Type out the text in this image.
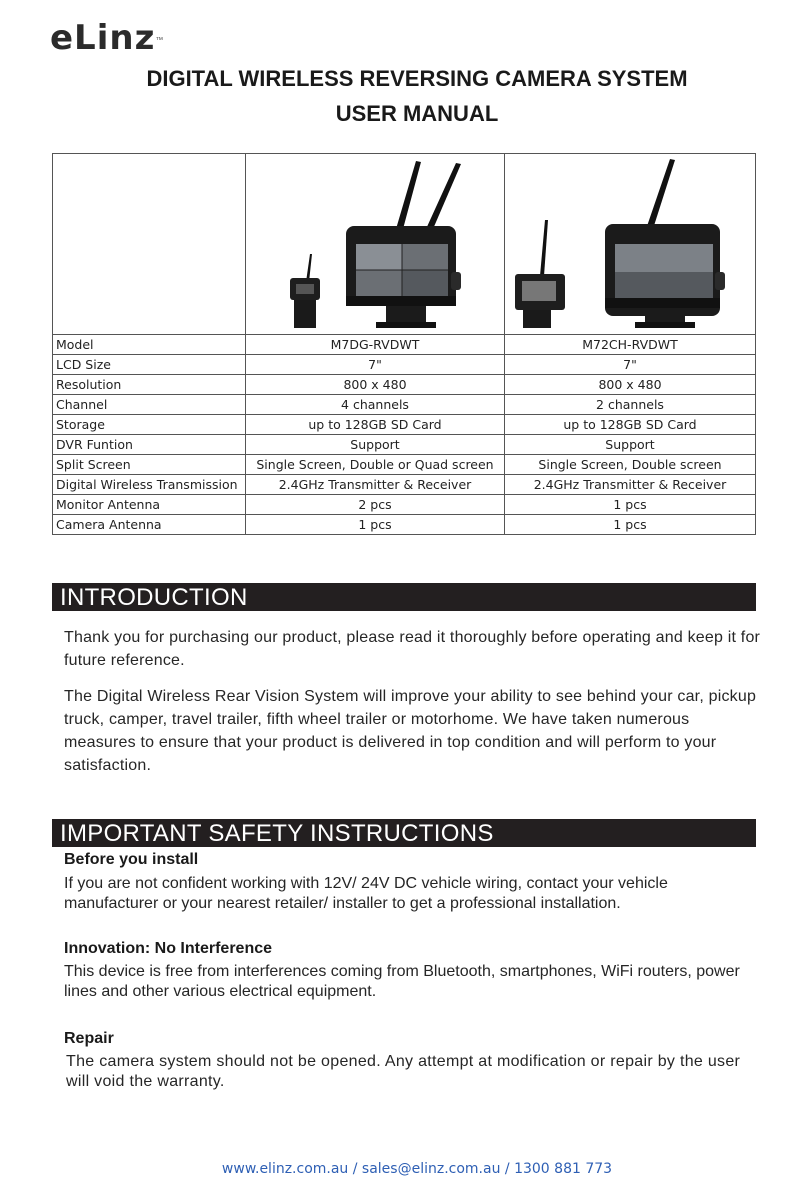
eLinz™
DIGITAL WIRELESS REVERSING CAMERA SYSTEM
USER MANUAL

Model	M7DG-RVDWT	M72CH-RVDWT
LCD Size	7"	7"
Resolution	800 x 480	800 x 480
Channel	4 channels	2 channels
Storage	up to 128GB SD Card	up to 128GB SD Card
DVR Funtion	Support	Support
Split Screen	Single Screen, Double or Quad screen	Single Screen, Double screen
Digital Wireless Transmission	2.4GHz Transmitter & Receiver	2.4GHz Transmitter & Receiver
Monitor Antenna	2 pcs	1 pcs
Camera Antenna	1 pcs	1 pcs
INTRODUCTION
Thank you for purchasing our product, please read it thoroughly before operating and keep it for future reference.
The Digital Wireless Rear Vision System will improve your ability to see behind your car, pickup truck, camper, travel trailer, fifth wheel trailer or motorhome. We have taken numerous measures to ensure that your product is delivered in top condition and will perform to your satisfaction.
IMPORTANT SAFETY INSTRUCTIONS
Before you install
If you are not confident working with 12V/ 24V DC vehicle wiring, contact your vehicle manufacturer or your nearest retailer/ installer to get a professional installation.
Innovation: No Interference
This device is free from interferences coming from Bluetooth, smartphones, WiFi routers, power lines and other various electrical equipment.
Repair
The camera system should not be opened. Any attempt at modification or repair by the user will void the warranty.
www.elinz.com.au / sales@elinz.com.au / 1300 881 773
